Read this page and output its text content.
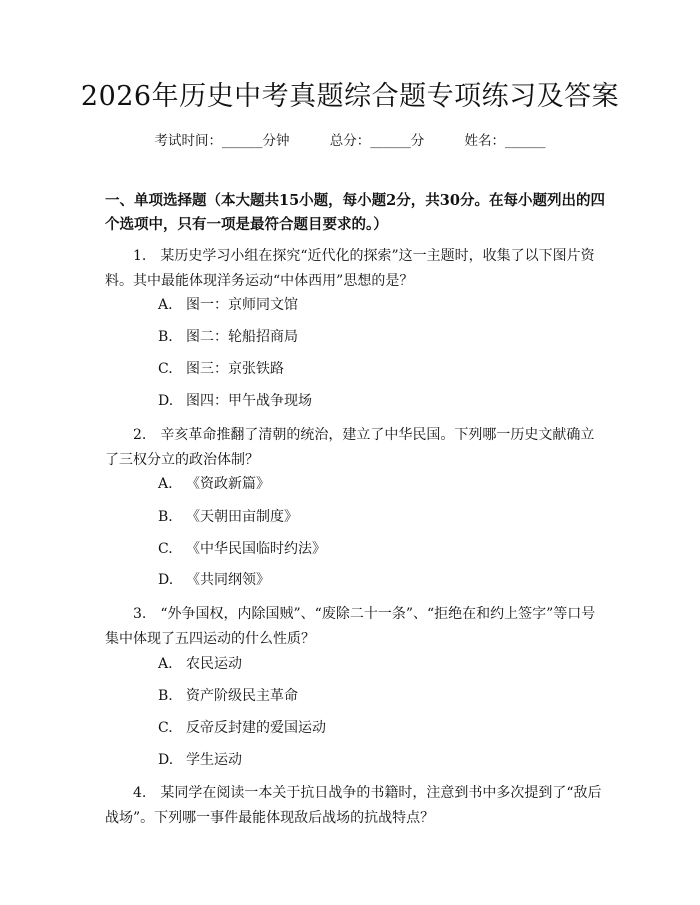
2026年历史中考真题综合题专项练习及答案
考试时间：______分钟	总分：______分	姓名：______
一、单项选择题（本大题共15小题，每小题2分，共30分。在每小题列出的四个选项中，只有一项是最符合题目要求的。）
1.　某历史学习小组在探究“近代化的探索”这一主题时，收集了以下图片资料。其中最能体现洋务运动“中体西用”思想的是？
A. 图一：京师同文馆
B. 图二：轮船招商局
C. 图三：京张铁路
D. 图四：甲午战争现场
2.　辛亥革命推翻了清朝的统治，建立了中华民国。下列哪一历史文献确立了三权分立的政治体制？
A. 《资政新篇》
B. 《天朝田亩制度》
C. 《中华民国临时约法》
D. 《共同纲领》
3.　“外争国权，内除国贼”、“废除二十一条”、“拒绝在和约上签字”等口号集中体现了五四运动的什么性质？
A. 农民运动
B. 资产阶级民主革命
C. 反帝反封建的爱国运动
D. 学生运动
4.　某同学在阅读一本关于抗日战争的书籍时，注意到书中多次提到了“敌后战场”。下列哪一事件最能体现敌后战场的抗战特点？
